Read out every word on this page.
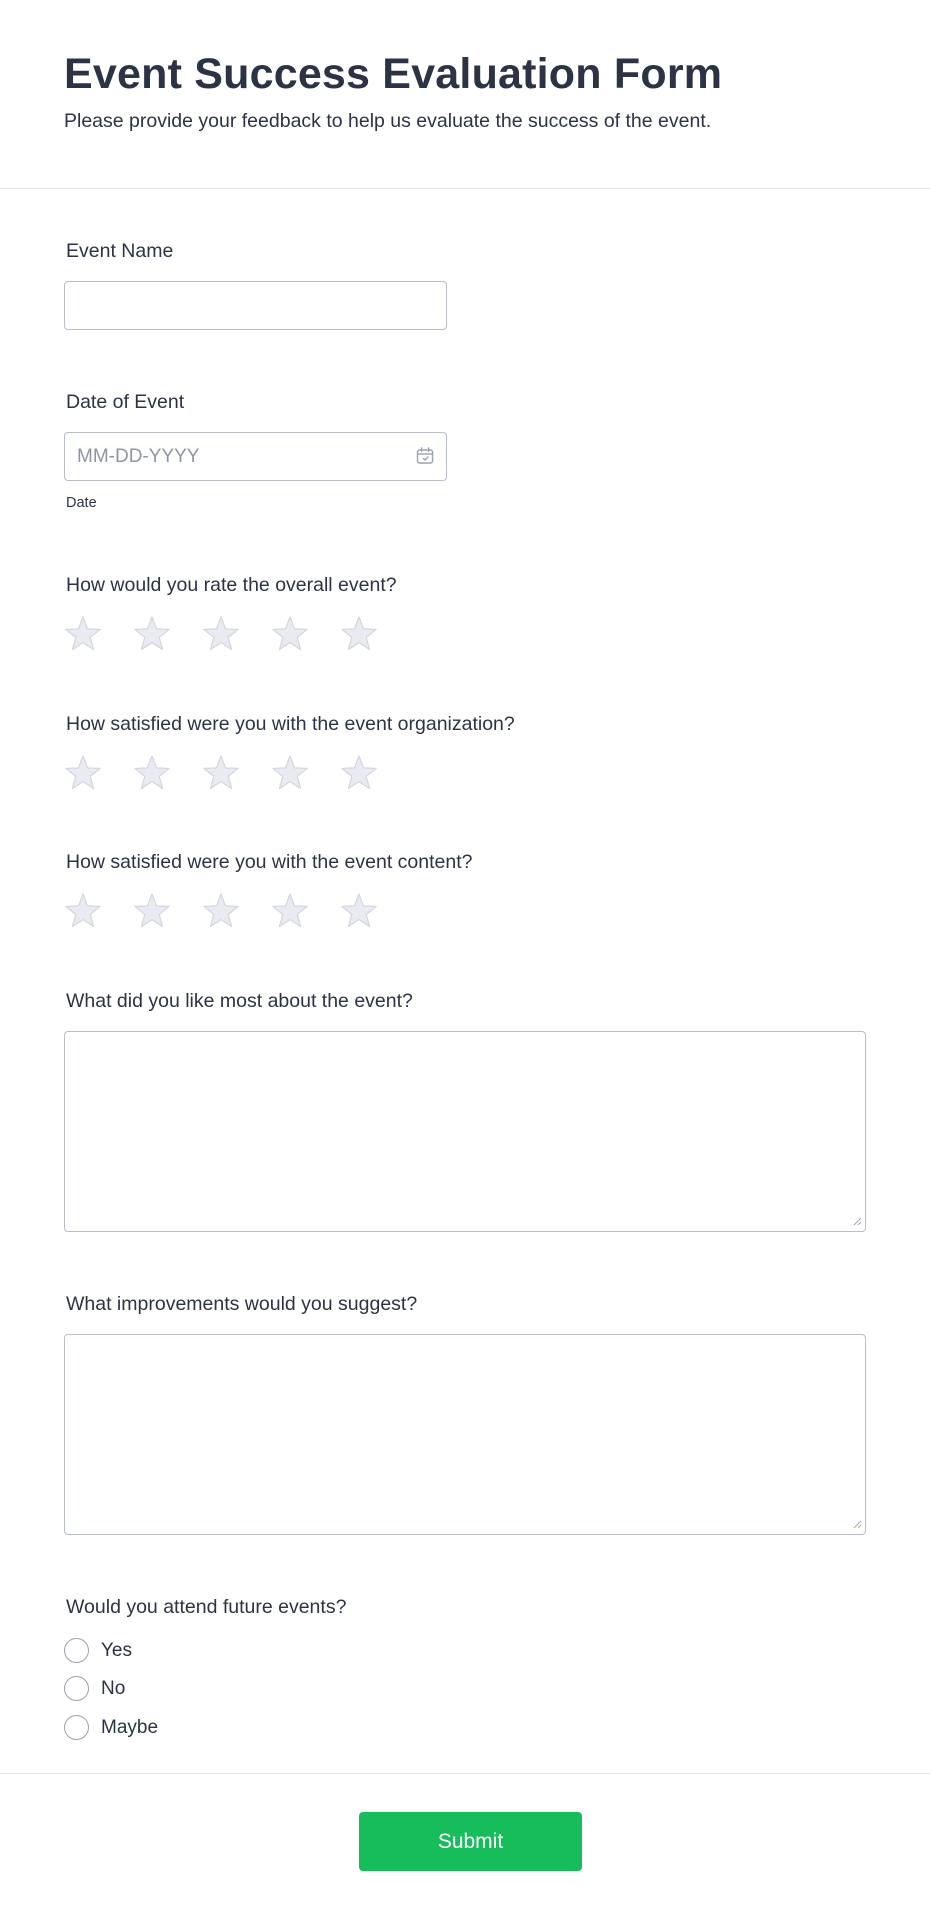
Event Success Evaluation Form

Please provide your feedback to help us evaluate the success of the event.

Event Name
Date of Event
MM-DD-YYYY
Date
How would you rate the overall event?
How satisfied were you with the event organization?
How satisfied were you with the event content?
What did you like most about the event?
What improvements would you suggest?
Would you attend future events?
Yes
No
Maybe
Submit
